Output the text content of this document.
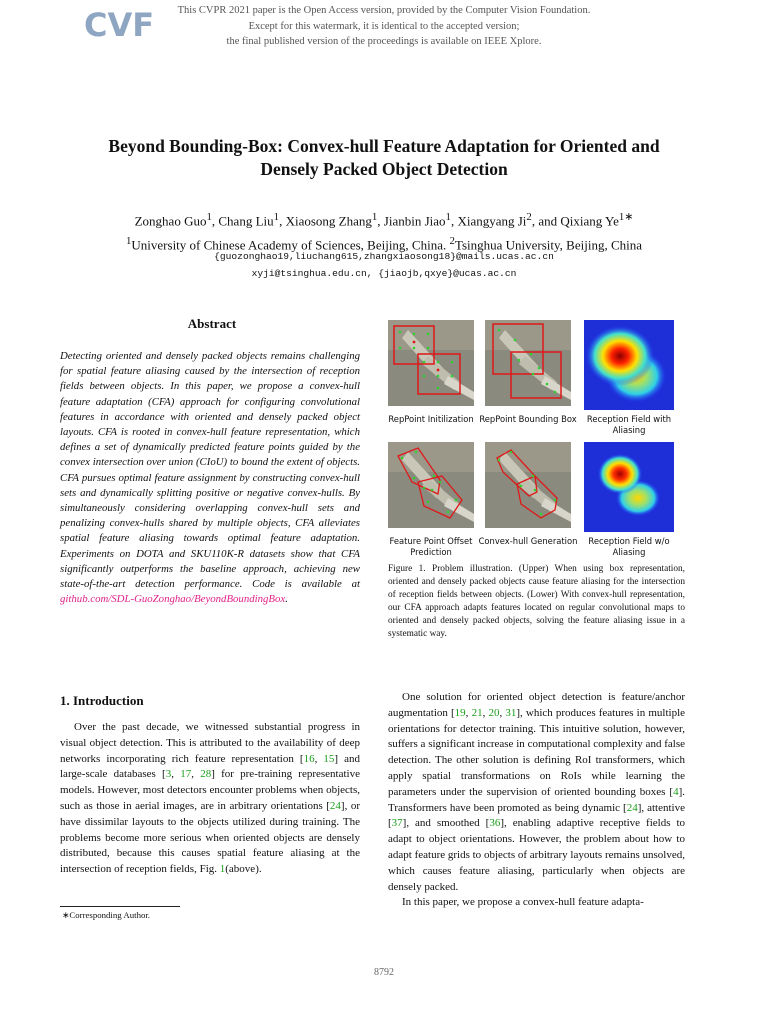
CVF	This CVPR 2021 paper is the Open Access version, provided by the Computer Vision Foundation.
Except for this watermark, it is identical to the accepted version;
the final published version of the proceedings is available on IEEE Xplore.
Beyond Bounding-Box: Convex-hull Feature Adaptation for Oriented and
Densely Packed Object Detection
Zonghao Guo$^1$, Chang Liu$^1$, Xiaosong Zhang$^1$, Jianbin Jiao$^1$, Xiangyang Ji$^2$, and Qixiang $Ye^{1∗}$
$^1$University of Chinese Academy of Sciences, Beijing, China. $^2$Tsinghua University, Beijing, China
{guozonghao19,liuchang615,zhangxiaosong18}@mails.ucas.ac.cn
xyji@tsinghua.edu.cn, {jiaojb,qxye}@ucas.ac.cn
Abstract
Detecting oriented and densely packed objects remains challenging for spatial feature aliasing caused by the intersection of reception fields between objects. In this paper, we propose a convex-hull feature adaptation (CFA) approach for configuring convolutional features in accordance with oriented and densely packed object layouts. CFA is rooted in convex-hull feature representation, which defines a set of dynamically predicted feature points guided by the convex intersection over union (CIoU) to bound the extent of objects. CFA pursues optimal feature assignment by constructing convex-hull sets and dynamically splitting positive or negative convex-hulls. By simultaneously considering overlapping convex-hull sets and penalizing convex-hulls shared by multiple objects, CFA alleviates spatial feature aliasing towards optimal feature adaptation. Experiments on DOTA and SKU110K-R datasets show that CFA significantly outperforms the baseline approach, achieving new state-of-the-art detection performance. Code is available at github.com/SDL-GuoZonghao/BeyondBoundingBox.
RepPoint Initilization RepPoint Bounding Box	Reception Field with Aliasing
Feature Point Offset Prediction
Convex-hull Generation	Reception Field w/o Aliasing
Figure 1. Problem illustration. (Upper) When using box representation, oriented and densely packed objects cause feature aliasing for the intersection of reception fields between objects. (Lower) With convex-hull representation, our CFA approach adapts features located on regular convolutional maps to oriented and densely packed objects, solving the feature aliasing issue in a systematic way.
1. Introduction
Over the past decade, we witnessed substantial progress in visual object detection. This is attributed to the availability of deep networks incorporating rich feature representation [16, 15] and large-scale databases [3, 17, 28] for pre-training representative models. However, most detectors encounter problems when objects, such as those in aerial images, are in arbitrary orientations [24], or have dissimilar layouts to the objects utilized during training. The problems become more serious when oriented objects are densely distributed, because this causes spatial feature aliasing at the intersection of reception fields, Fig. 1(above).

One solution for oriented object detection is feature/anchor augmentation [19, 21, 20, 31], which produces features in multiple orientations for detector training. This intuitive solution, however, suffers a significant increase in computational complexity and false detection. The other solution is defining RoI transformers, which apply spatial transformations on RoIs while learning the parameters under the supervision of oriented bounding boxes [4]. Transformers have been promoted as being dynamic [24], attentive [37], and smoothed [36], enabling adaptive receptive fields to adapt to object orientations. However, the problem about how to adapt feature grids to objects of arbitrary layouts remains unsolved, which causes feature aliasing, particularly when objects are densely packed.

In this paper, we propose a convex-hull feature adapta-

∗Corresponding Author.
8792
